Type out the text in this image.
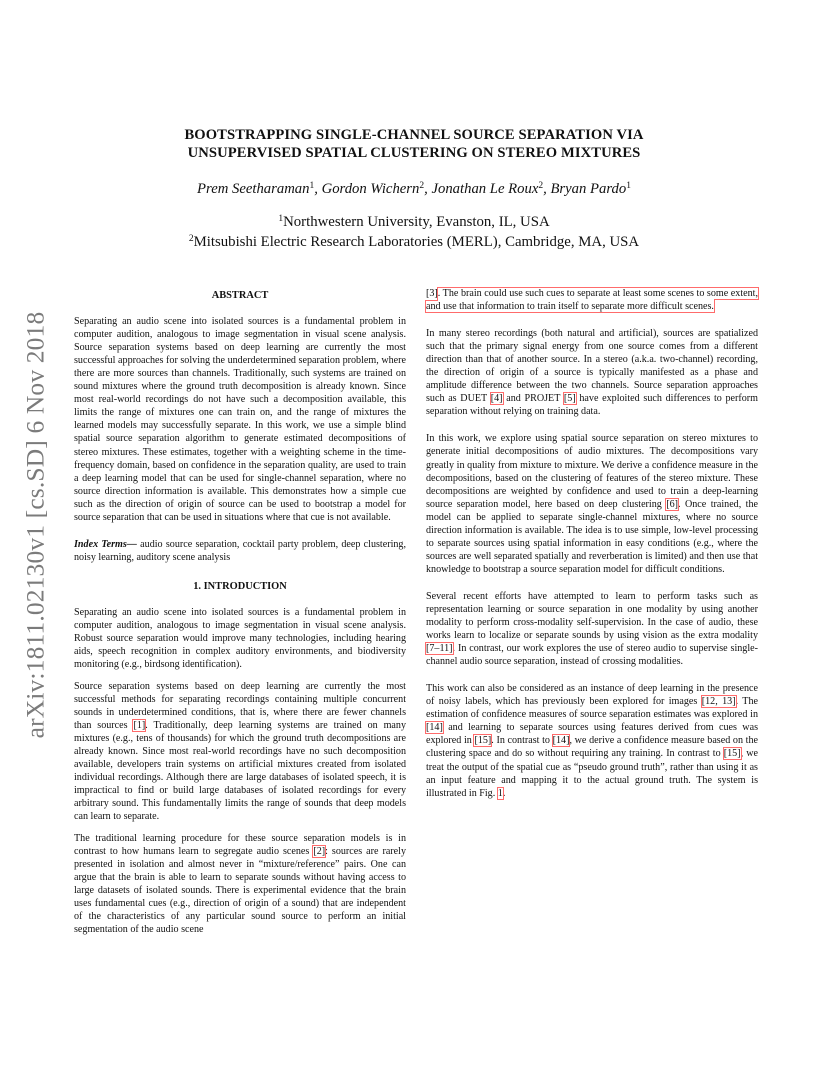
arXiv:1811.02130v1 [cs.SD] 6 Nov 2018

BOOTSTRAPPING SINGLE-CHANNEL SOURCE SEPARATION VIA
UNSUPERVISED SPATIAL CLUSTERING ON STEREO MIXTURES

Prem Seetharaman$^1$, Gordon Wichern$^2$, Jonathan Le Roux$^2$, Bryan Pardo$^1$
$^1$Northwestern University, Evanston, IL, USA
$^2$Mitsubishi Electric Research Laboratories (MERL), Cambridge, MA, USA
ABSTRACT

Separating an audio scene into isolated sources is a fundamental problem in computer audition, analogous to image segmentation in visual scene analysis. Source separation systems based on deep learning are currently the most successful approaches for solving the underdetermined separation problem, where there are more sources than channels. Traditionally, such systems are trained on sound mixtures where the ground truth decomposition is already known. Since most real-world recordings do not have such a decomposition available, this limits the range of mixtures one can train on, and the range of mixtures the learned models may successfully separate. In this work, we use a simple blind spatial source separation algorithm to generate estimated decompositions of stereo mixtures. These estimates, together with a weighting scheme in the time-frequency domain, based on confidence in the separation quality, are used to train a deep learning model that can be used for single-channel separation, where no source direction information is available. This demonstrates how a simple cue such as the direction of origin of source can be used to bootstrap a model for source separation that can be used in situations where that cue is not available.

Index Terms— audio source separation, cocktail party problem, deep clustering, noisy learning, auditory scene analysis

1. INTRODUCTION

Separating an audio scene into isolated sources is a fundamental problem in computer audition, analogous to image segmentation in visual scene analysis. Robust source separation would improve many technologies, including hearing aids, speech recognition in complex auditory environments, and biodiversity monitoring (e.g., birdsong identification).

Source separation systems based on deep learning are currently the most successful methods for separating recordings containing multiple concurrent sounds in underdetermined conditions, that is, where there are fewer channels than sources [1]. Traditionally, deep learning systems are trained on many mixtures (e.g., tens of thousands) for which the ground truth decompositions are already known. Since most real-world recordings have no such decomposition available, developers train systems on artificial mixtures created from isolated individual recordings. Although there are large databases of isolated speech, it is impractical to find or build large databases of isolated recordings for every arbitrary sound. This fundamentally limits the range of sounds that deep models can learn to separate.

The traditional learning procedure for these source separation models is in contrast to how humans learn to segregate audio scenes [2]: sources are rarely presented in isolation and almost never in “mixture/reference” pairs. One can argue that the brain is able to learn to separate sounds without having access to large datasets of isolated sounds. There is experimental evidence that the brain uses fundamental cues (e.g., direction of origin of a sound) that are independent of the characteristics of any particular sound source to perform an initial segmentation of the audio scene

[3]. The brain could use such cues to separate at least some scenes to some extent, and use that information to train itself to separate more difficult scenes.

In many stereo recordings (both natural and artificial), sources are spatialized such that the primary signal energy from one source comes from a different direction than that of another source. In a stereo (a.k.a. two-channel) recording, the direction of origin of a source is typically manifested as a phase and amplitude difference between the two channels. Source separation approaches such as DUET [4] and PROJET [5] have exploited such differences to perform separation without relying on training data.

In this work, we explore using spatial source separation on stereo mixtures to generate initial decompositions of audio mixtures. The decompositions vary greatly in quality from mixture to mixture. We derive a confidence measure in the decompositions, based on the clustering of features of the stereo mixture. These decompositions are weighted by confidence and used to train a deep-learning source separation model, here based on deep clustering [6]. Once trained, the model can be applied to separate single-channel mixtures, where no source direction information is available. The idea is to use simple, low-level processing to separate sources using spatial information in easy conditions (e.g., where the sources are well separated spatially and reverberation is limited) and then use that knowledge to bootstrap a source separation model for difficult conditions.

Several recent efforts have attempted to learn to perform tasks such as representation learning or source separation in one modality by using another modality to perform cross-modality self-supervision. In the case of audio, these works learn to localize or separate sounds by using vision as the extra modality [7–11]. In contrast, our work explores the use of stereo audio to supervise single-channel audio source separation, instead of crossing modalities.

This work can also be considered as an instance of deep learning in the presence of noisy labels, which has previously been explored for images [12, 13]. The estimation of confidence measures of source separation estimates was explored in [14] and learning to separate sources using features derived from cues was explored in [15]. In contrast to [14], we derive a confidence measure based on the clustering space and do so without requiring any training. In contrast to [15], we treat the output of the spatial cue as “pseudo ground truth”, rather than using it as an input feature and mapping it to the actual ground truth. The system is illustrated in Fig. 1.
